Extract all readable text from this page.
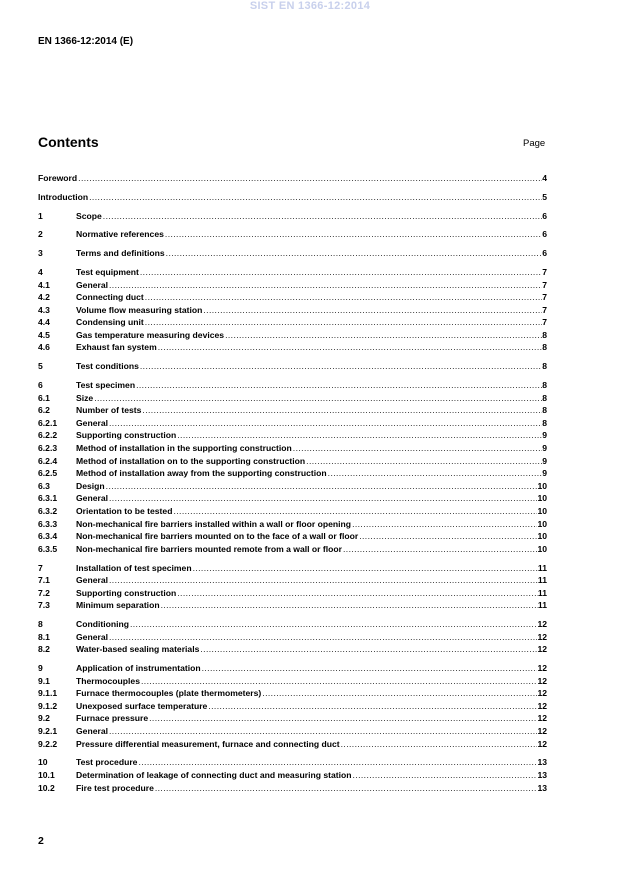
SIST EN 1366-12:2014
EN 1366-12:2014 (E)
Contents	Page
Foreword .....	4
Introduction .....	5
1	Scope .....	6
2	Normative references .....	6
3	Terms and definitions .....	6
4	Test equipment .....	7
4.1	General .....	7
4.2	Connecting duct .....	7
4.3	Volume flow measuring station .....	7
4.4	Condensing unit .....	7
4.5	Gas temperature measuring devices .....	8
4.6	Exhaust fan system .....	8
5	Test conditions .....	8
6	Test specimen .....	8
6.1	Size .....	8
6.2	Number of tests .....	8
6.2.1 General .....	8
6.2.2 Supporting construction .....	9
6.2.3 Method of installation in the supporting construction .....	9
6.2.4 Method of installation on to the supporting construction .....	9
6.2.5 Method of installation away from the supporting construction .....	9
6.3	Design .....	10
6.3.1 General .....	10
6.3.2 Orientation to be tested .....	10
6.3.3 Non-mechanical fire barriers installed within a wall or floor opening .....	10
6.3.4 Non-mechanical fire barriers mounted on to the face of a wall or floor .....	10
6.3.5 Non-mechanical fire barriers mounted remote from a wall or floor .....	10
7	Installation of test specimen .....	11
7.1	General .....	11
7.2	Supporting construction .....	11
7.3	Minimum separation .....	11
8	Conditioning .....	12
8.1	General .....	12
8.2	Water-based sealing materials .....	12
9	Application of instrumentation .....	12
9.1	Thermocouples .....	12
9.1.1 Furnace thermocouples (plate thermometers) .....	12
9.1.2 Unexposed surface temperature .....	12
9.2	Furnace pressure .....	12
9.2.1 General .....	12
9.2.2 Pressure differential measurement, furnace and connecting duct .....	12
10	Test procedure .....	13
10.1 Determination of leakage of connecting duct and measuring station .....	13
10.2 Fire test procedure .....	13
2
